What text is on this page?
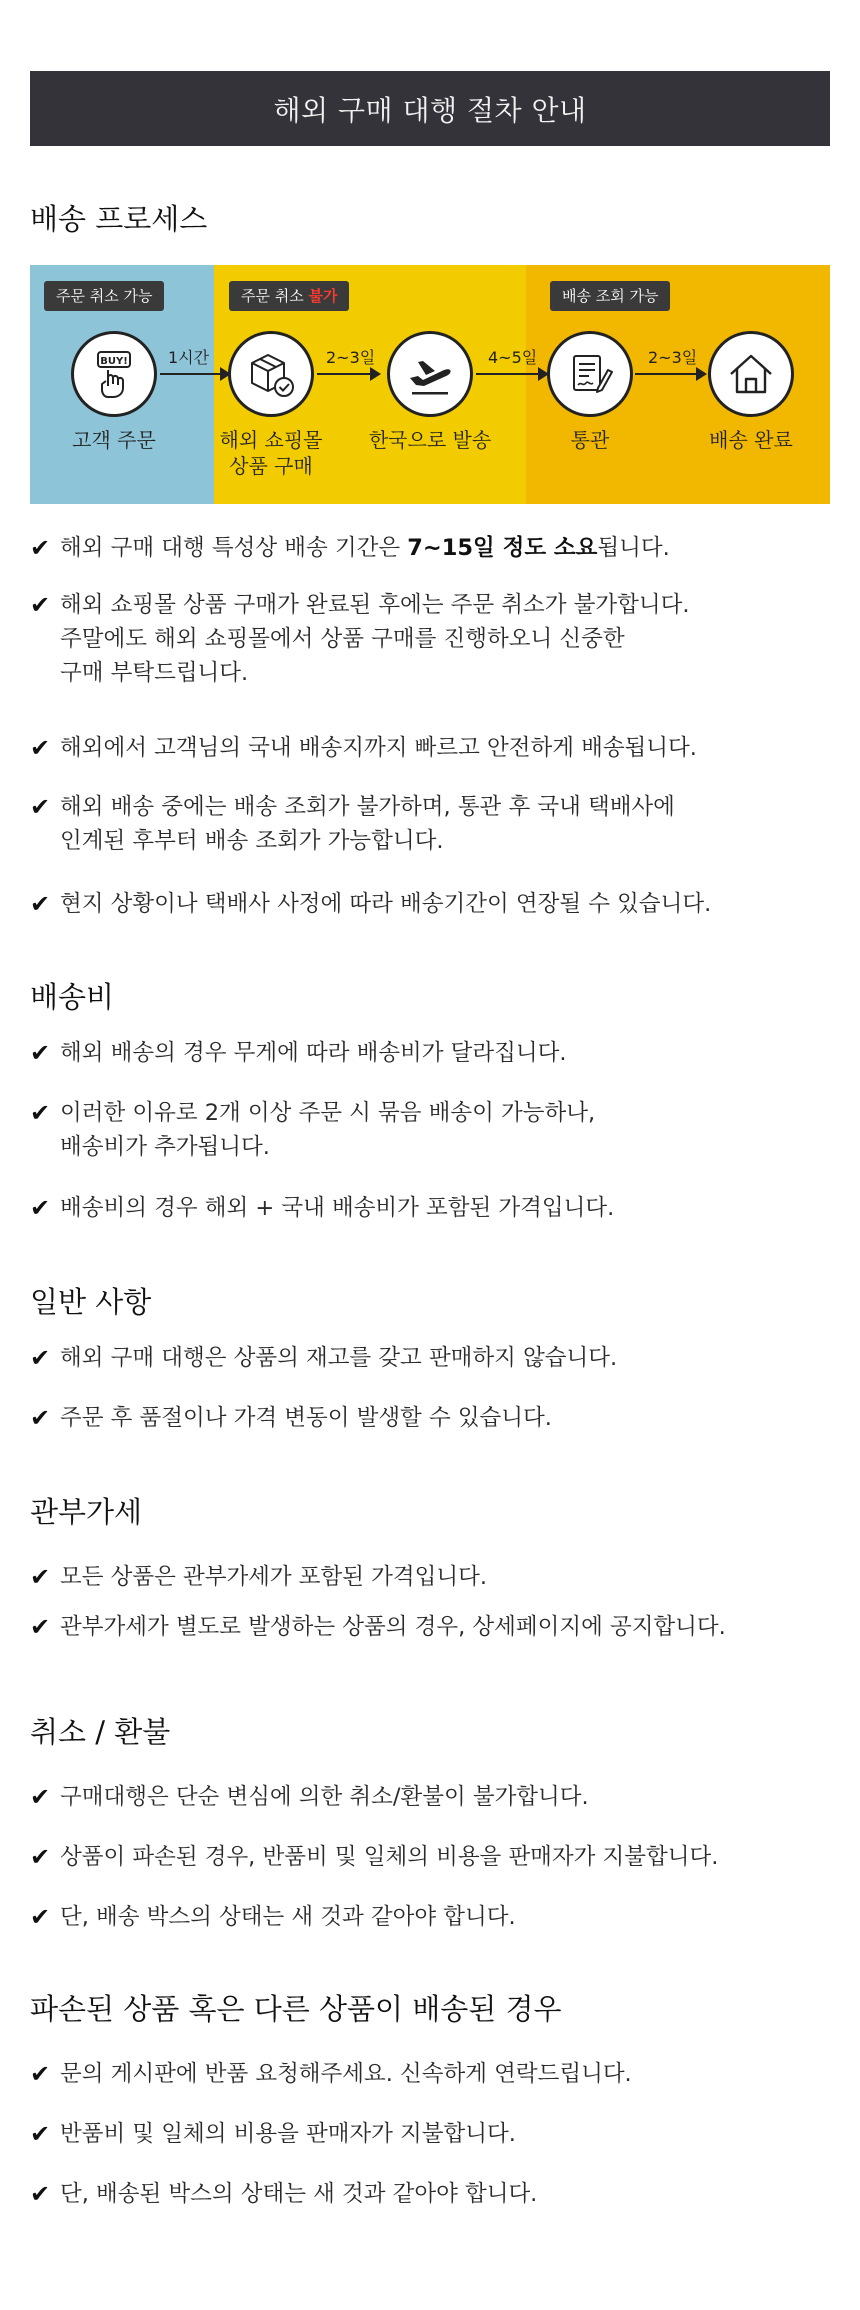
해외 구매 대행 절차 안내
배송 프로세스
주문 취소 가능	주문 취소 불가	배송 조회 가능
1시간	2~3일	4~5일	2~3일
BUY!
고객 주문	해외 쇼핑몰
상품 구매
한국으로 발송	통관	배송 완료
✔ 해외 구매 대행 특성상 배송 기간은 7~15일 정도 소요됩니다.
✔ 해외 쇼핑몰 상품 구매가 완료된 후에는 주문 취소가 불가합니다.
주말에도 해외 쇼핑몰에서 상품 구매를 진행하오니 신중한
구매 부탁드립니다.
✔ 해외에서 고객님의 국내 배송지까지 빠르고 안전하게 배송됩니다.
✔ 해외 배송 중에는 배송 조회가 불가하며, 통관 후 국내 택배사에
인계된 후부터 배송 조회가 가능합니다.
✔ 현지 상황이나 택배사 사정에 따라 배송기간이 연장될 수 있습니다.
배송비
✔ 해외 배송의 경우 무게에 따라 배송비가 달라집니다.
✔ 이러한 이유로 2개 이상 주문 시 묶음 배송이 가능하나,
배송비가 추가됩니다.
✔ 배송비의 경우 해외 + 국내 배송비가 포함된 가격입니다.
일반 사항
✔ 해외 구매 대행은 상품의 재고를 갖고 판매하지 않습니다.
✔ 주문 후 품절이나 가격 변동이 발생할 수 있습니다.
관부가세
✔ 모든 상품은 관부가세가 포함된 가격입니다.
✔ 관부가세가 별도로 발생하는 상품의 경우, 상세페이지에 공지합니다.
취소 / 환불
✔ 구매대행은 단순 변심에 의한 취소/환불이 불가합니다.
✔ 상품이 파손된 경우, 반품비 및 일체의 비용을 판매자가 지불합니다.
✔ 단, 배송 박스의 상태는 새 것과 같아야 합니다.
파손된 상품 혹은 다른 상품이 배송된 경우
✔ 문의 게시판에 반품 요청해주세요. 신속하게 연락드립니다.
✔ 반품비 및 일체의 비용을 판매자가 지불합니다.
✔ 단, 배송된 박스의 상태는 새 것과 같아야 합니다.
